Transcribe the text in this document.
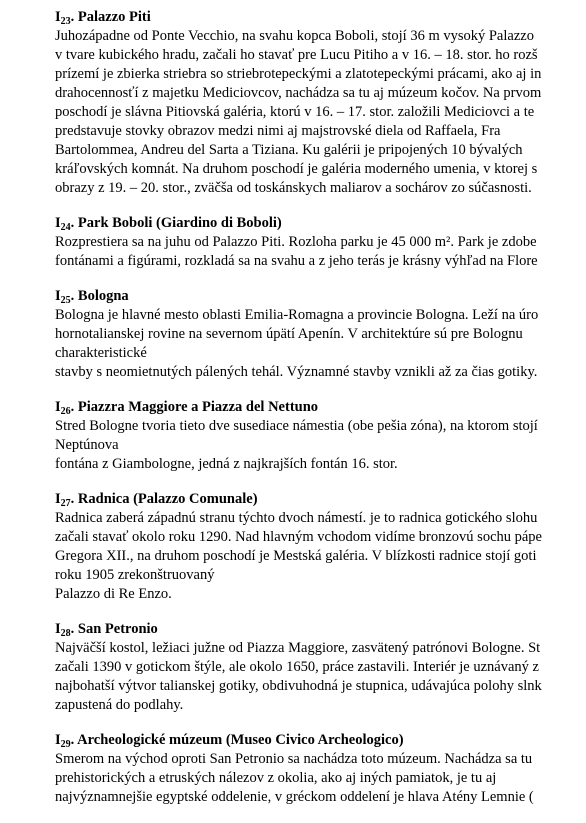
$I_{23}$. Palazzo Piti
Juhozápadne od Ponte Vecchio, na svahu kopca Boboli, stojí 36 m vysoký Palazzo
v tvare kubického hradu, začali ho stavať pre Lucu Pitiho a v 16. – 18. stor. ho rozš
prízemí je zbierka striebra so striebrotepeckými a zlatotepeckými prácami, ako aj in
drahocennosťí z majetku Mediciovcov, nachádza sa tu aj múzeum kočov. Na prvom
poschodí je slávna Pitiovská galéria, ktorú v 16. – 17. stor. založili Mediciovci a te
predstavuje stovky obrazov medzi nimi aj majstrovské diela od Raffaela, Fra
Bartolommea, Andreu del Sarta a Tiziana. Ku galérii je pripojených 10 bývalých
kráľovských komnát. Na druhom poschodí je galéria moderného umenia, v ktorej s
obrazy z 19. – 20. stor., zväčša od toskánskych maliarov a sochárov zo súčasnosti.
$I_{24}$. Park Boboli (Giardino di Boboli)
Rozprestiera sa na juhu od Palazzo Piti. Rozloha parku je 45 000 m². Park je zdobe
fontánami a figúrami, rozkladá sa na svahu a z jeho terás je krásny výhľad na Flore
$I_{25}$. Bologna
Bologna je hlavné mesto oblasti Emilia-Romagna a provincie Bologna. Leží na úro
hornotalianskej rovine na severnom úpätí Apenín. V architektúre sú pre Bolognu
charakteristické
stavby s neomietnutých pálených tehál. Významné stavby vznikli až za čias gotiky.
$I_{26}$. Piazzra Maggiore a Piazza del Nettuno
Stred Bologne tvoria tieto dve susediace námestia (obe pešia zóna), na ktorom stojí
Neptúnova
fontána z Giambologne, jedná z najkrajších fontán 16. stor.
$I_{27}$. Radnica (Palazzo Comunale)
Radnica zaberá západnú stranu týchto dvoch námestí. je to radnica gotického slohu
začali stavať okolo roku 1290. Nad hlavným vchodom vidíme bronzovú sochu pápe
Gregora XII., na druhom poschodí je Mestská galéria. V blízkosti radnice stojí goti
roku 1905 zrekonštruovaný
Palazzo di Re Enzo.
$I_{28}$. San Petronio
Najväčší kostol, ležiaci južne od Piazza Maggiore, zasvätený patrónovi Bologne. St
začali 1390 v gotickom štýle, ale okolo 1650, práce zastavili. Interiér je uznávaný z
najbohatší výtvor talianskej gotiky, obdivuhodná je stupnica, udávajúca polohy slnk
zapustená do podlahy.
$I_{29}$. Archeologické múzeum (Museo Civico Archeologico)
Smerom na východ oproti San Petronio sa nachádza toto múzeum. Nachádza sa tu
prehistorických a etruských nálezov z okolia, ako aj iných pamiatok, je tu aj
najvýznamnejšie egyptské oddelenie, v gréckom oddelení je hlava Atény Lemnie (
